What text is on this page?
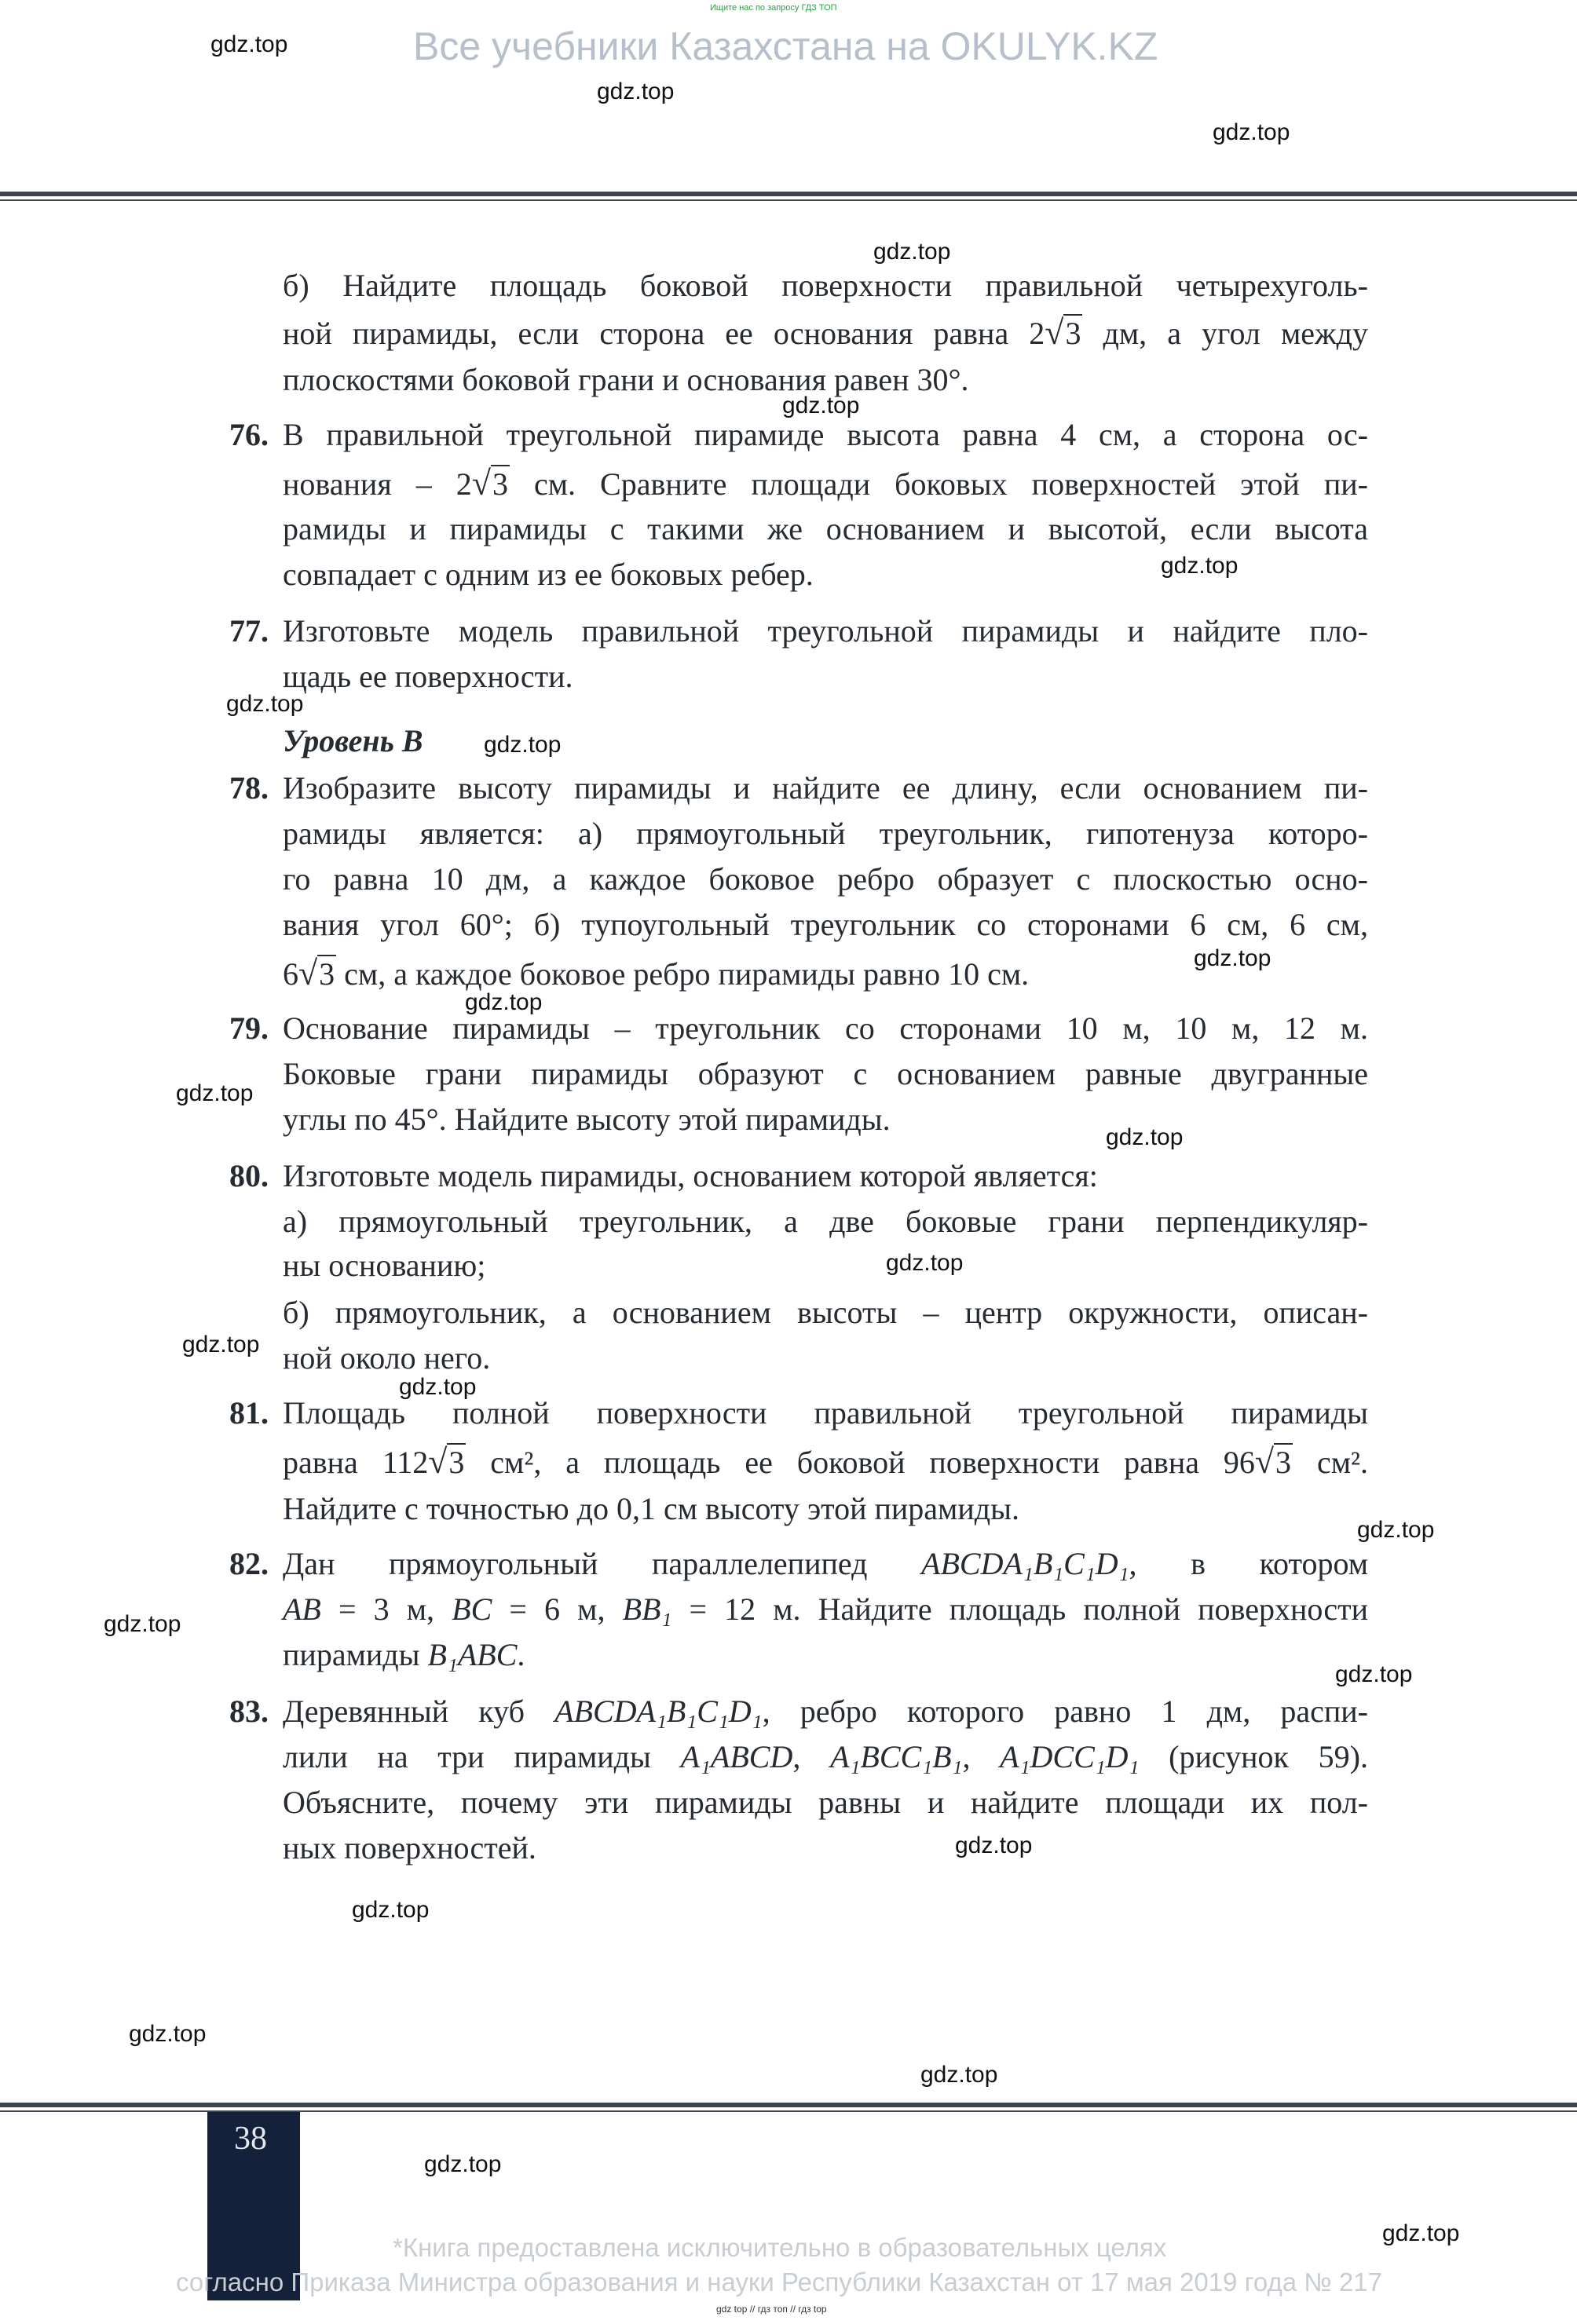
Ищите нас по запросу ГДЗ ТОП
Все учебники Казахстана на OKULYK.KZ
б) Найдите площадь боковой поверхности правильной четырехуголь-
ной пирамиды, если сторона ее основания равна 2√3 дм, а угол между
плоскостями боковой грани и основания равен 30°.
76. В правильной треугольной пирамиде высота равна 4 см, а сторона ос-
нования – 2√3 см. Сравните площади боковых поверхностей этой пи-
рамиды и пирамиды с такими же основанием и высотой, если высота
совпадает с одним из ее боковых ребер.
77. Изготовьте модель правильной треугольной пирамиды и найдите пло-
щадь ее поверхности.
Уровень B
78. Изобразите высоту пирамиды и найдите ее длину, если основанием пи-
рамиды является: а) прямоугольный треугольник, гипотенуза которо-
го равна 10 дм, а каждое боковое ребро образует с плоскостью осно-
вания угол 60°; б) тупоугольный треугольник со сторонами 6 см, 6 см,
6√3 см, а каждое боковое ребро пирамиды равно 10 см.
79. Основание пирамиды – треугольник со сторонами 10 м, 10 м, 12 м.
Боковые грани пирамиды образуют с основанием равные двугранные
углы по 45°. Найдите высоту этой пирамиды.
80. Изготовьте модель пирамиды, основанием которой является:
а) прямоугольный треугольник, а две боковые грани перпендикуляр-
ны основанию;
б) прямоугольник, а основанием высоты – центр окружности, описан-
ной около него.
81. Площадь полной поверхности правильной треугольной пирамиды
равна 112√3 см², а площадь ее боковой поверхности равна 96√3 см².
Найдите с точностью до 0,1 см высоту этой пирамиды.
82. Дан прямоугольный параллелепипед ABCDA₁B₁C₁D₁, в котором
AB = 3 м, BC = 6 м, BB₁ = 12 м. Найдите площадь полной поверхности
пирамиды B₁ABC.
83. Деревянный куб ABCDA₁B₁C₁D₁, ребро которого равно 1 дм, распи-
лили на три пирамиды A₁ABCD, A₁BCC₁B₁, A₁DCC₁D₁ (рисунок 59).
Объясните, почему эти пирамиды равны и найдите площади их пол-
ных поверхностей.
gdz.top
gdz.top
gdz.top
gdz.top
gdz.top
gdz.top
gdz.top
gdz.top
gdz.top
gdz.top
gdz.top
gdz.top
gdz.top
gdz.top
gdz.top
gdz.top
gdz.top
gdz.top
gdz.top
gdz.top
gdz.top
gdz.top
gdz.top
gdz.top
38
*Книга предоставлена исключительно в образовательных целях
согласно Приказа Министра образования и науки Республики Казахстан от 17 мая 2019 года № 217
gdz top // гдз топ // гдз top
